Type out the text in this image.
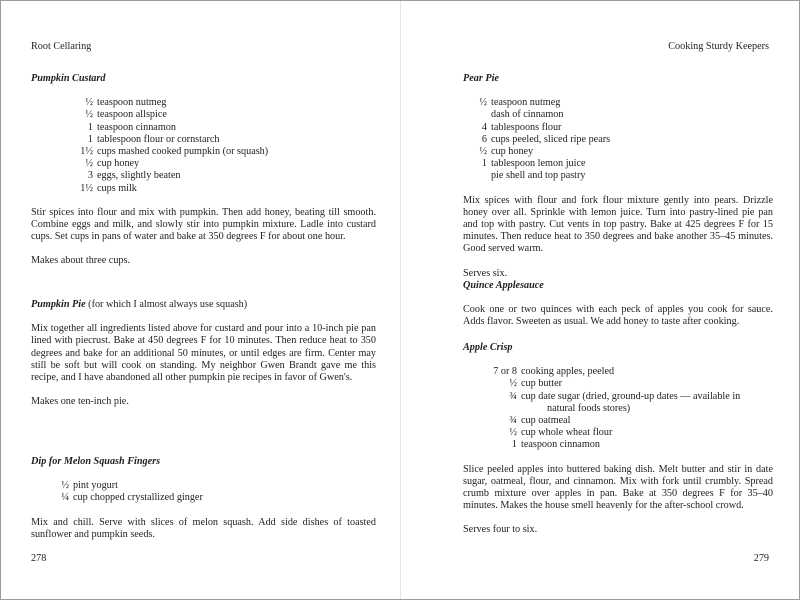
Root Cellaring
Pumpkin Custard
½ teaspoon nutmeg
½ teaspoon allspice
1 teaspoon cinnamon
1 tablespoon flour or cornstarch
1½ cups mashed cooked pumpkin (or squash)
½ cup honey
3 eggs, slightly beaten
1½ cups milk

Stir spices into flour and mix with pumpkin. Then add honey, beating till smooth. Combine eggs and milk, and slowly stir into pumpkin mixture. Ladle into custard cups. Set cups in pans of water and bake at 350 degrees F for about one hour.

Makes about three cups.

Pumpkin Pie (for which I almost always use squash)

Mix together all ingredients listed above for custard and pour into a 10-inch pie pan lined with piecrust. Bake at 450 degrees F for 10 minutes. Then reduce heat to 350 degrees and bake for an additional 50 minutes, or until edges are firm. Center may still be soft but will cook on standing. My neighbor Gwen Brandt gave me this recipe, and I have abandoned all other pumpkin pie recipes in favor of Gwen's.

Makes one ten-inch pie.

Dip for Melon Squash Fingers
½ pint yogurt
¼ cup chopped crystallized ginger

Mix and chill. Serve with slices of melon squash. Add side dishes of toasted sunflower and pumpkin seeds.

278
Cooking Sturdy Keepers
Pear Pie
½ teaspoon nutmeg
dash of cinnamon
4 tablespoons flour
6 cups peeled, sliced ripe pears
½ cup honey
1 tablespoon lemon juice
pie shell and top pastry

Mix spices with flour and fork flour mixture gently into pears. Drizzle honey over all. Sprinkle with lemon juice. Turn into pastry-lined pie pan and top with pastry. Cut vents in top pastry. Bake at 425 degrees F for 15 minutes. Then reduce heat to 350 degrees and bake another 35–45 minutes. Good served warm.

Serves six.

Quince Applesauce

Cook one or two quinces with each peck of apples you cook for sauce. Adds flavor. Sweeten as usual. We add honey to taste after cooking.

Apple Crisp
7 or 8 cooking apples, peeled
½ cup butter
¾ cup date sugar (dried, ground-up dates — available in
natural foods stores)
¾ cup oatmeal
½ cup whole wheat flour
1 teaspoon cinnamon

Slice peeled apples into buttered baking dish. Melt butter and stir in date sugar, oatmeal, flour, and cinnamon. Mix with fork until crumbly. Spread crumb mixture over apples in pan. Bake at 350 degrees F for 35–40 minutes. Makes the house smell heavenly for the after-school crowd.

Serves four to six.

279
